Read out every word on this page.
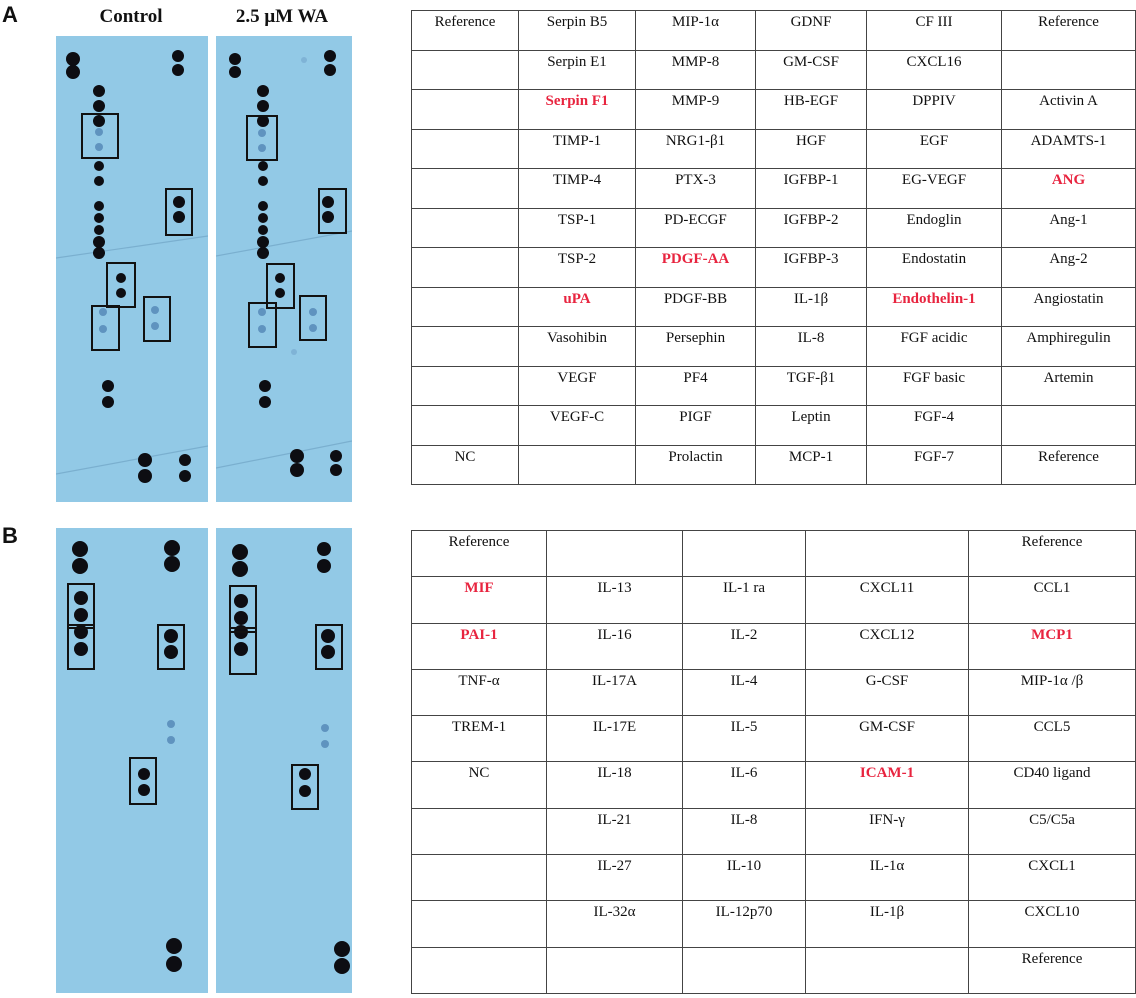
A
B
Control	2.5 μM WA	Reference	Serpin B5	MIP-1α	GDNF	CF III	Reference
	Serpin E1	MMP-8	GM-CSF	CXCL16	
	Serpin F1	MMP-9	HB-EGF	DPPIV	Activin A
	TIMP-1	NRG1-β1	HGF	EGF	ADAMTS-1
	TIMP-4	PTX-3	IGFBP-1	EG-VEGF	ANG
	TSP-1	PD-ECGF	IGFBP-2	Endoglin	Ang-1
	TSP-2	PDGF-AA	IGFBP-3	Endostatin	Ang-2
	uPA	PDGF-BB	IL-1β	Endothelin-1	Angiostatin
	Vasohibin	Persephin	IL-8	FGF acidic	Amphiregulin
	VEGF	PF4	TGF-β1	FGF basic	Artemin
	VEGF-C	PIGF	Leptin	FGF-4	
NC		Prolactin	MCP-1	FGF-7	Reference
Reference				Reference
MIF	IL-13	IL-1 ra	CXCL11	CCL1
PAI-1	IL-16	IL-2	CXCL12	MCP1
TNF-α	IL-17A	IL-4	G-CSF	MIP-1α /β
TREM-1	IL-17E	IL-5	GM-CSF	CCL5
NC	IL-18	IL-6	ICAM-1	CD40 ligand
	IL-21	IL-8	IFN-γ	C5/C5a
	IL-27	IL-10	IL-1α	CXCL1
	IL-32α	IL-12p70	IL-1β	CXCL10
				Reference
